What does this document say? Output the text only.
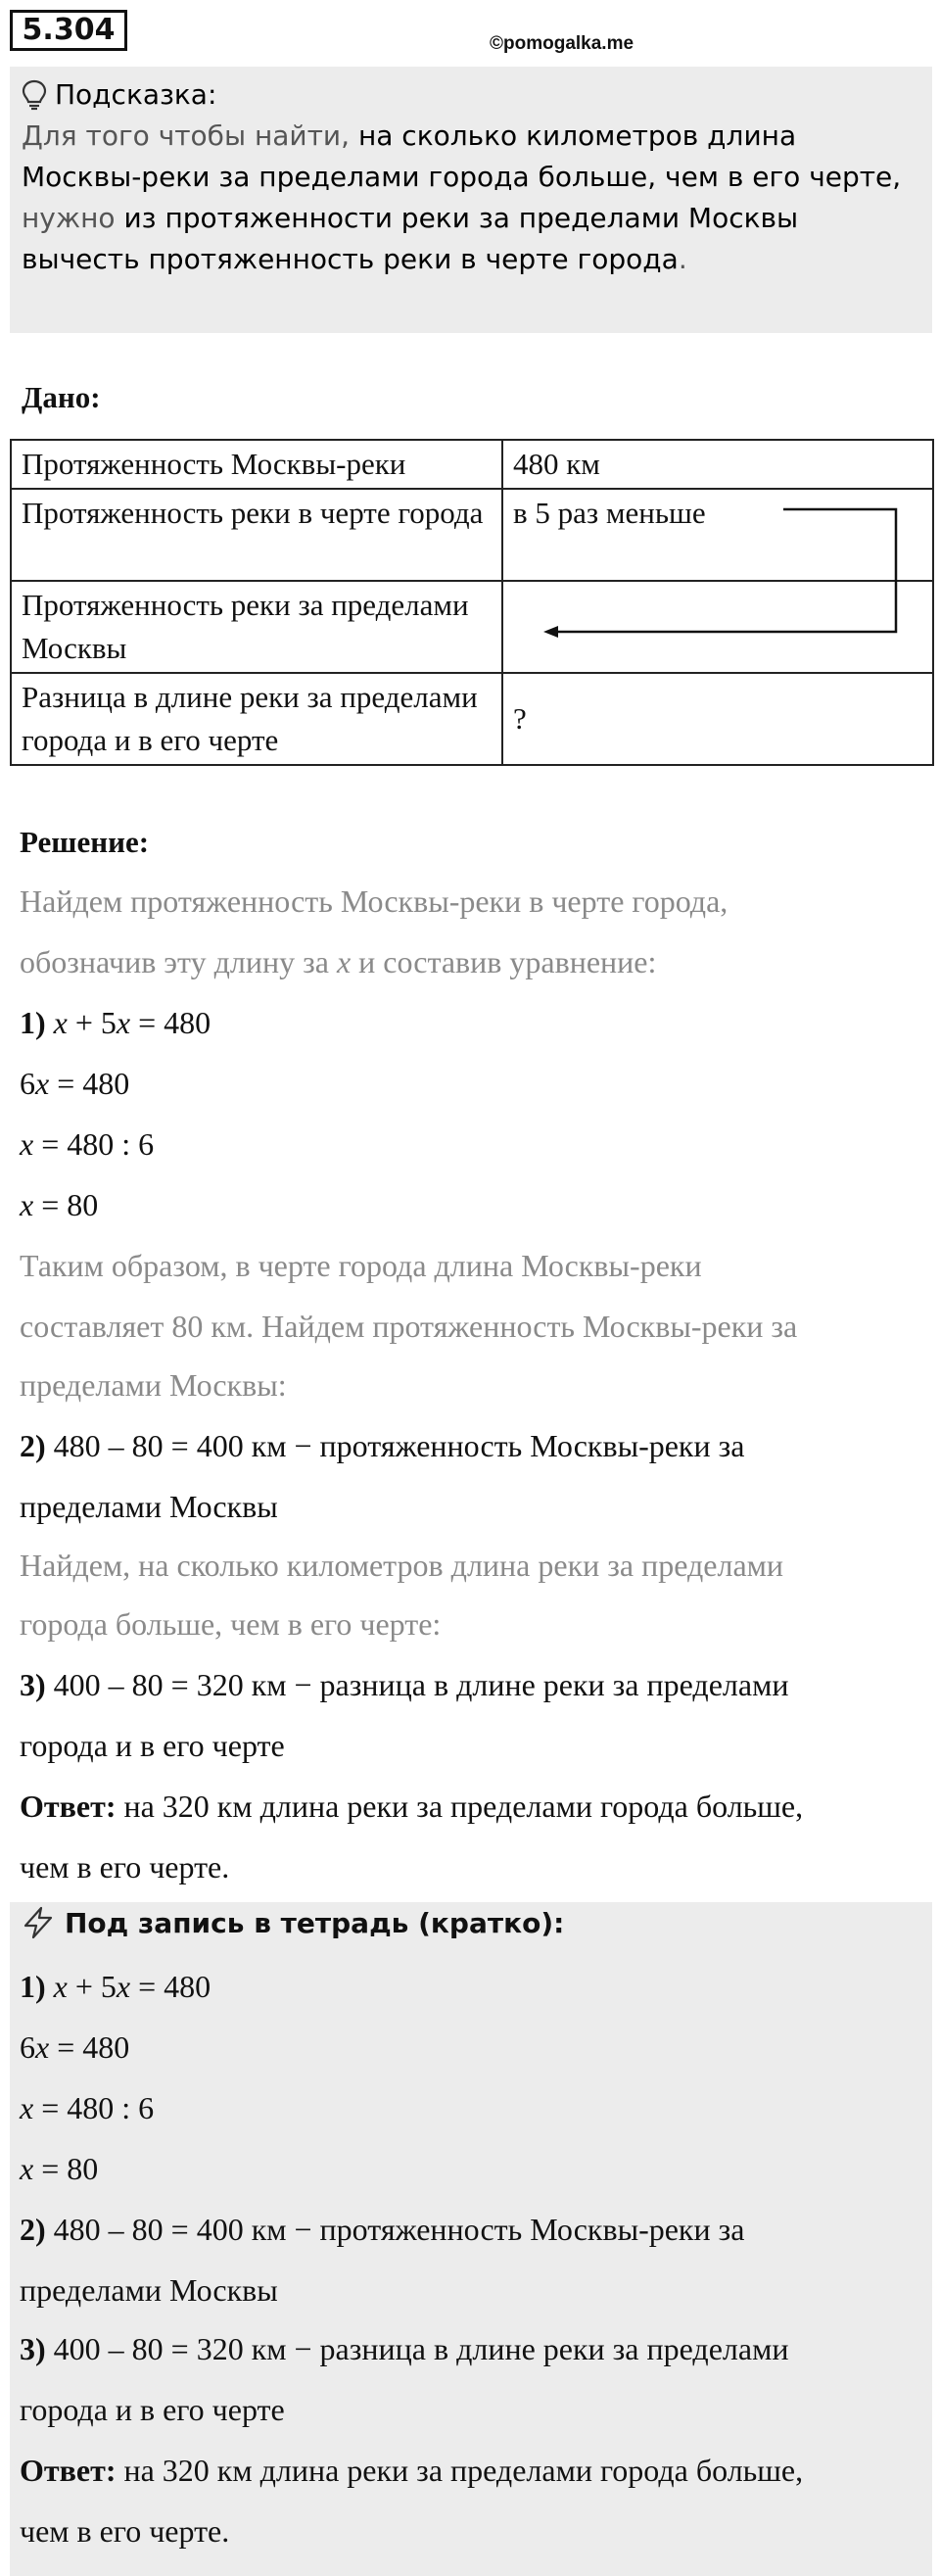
5.304	©pomogalka.me
Подсказка:
Для того чтобы найти, на сколько километров длина
Москвы-реки за пределами города больше, чем в его черте,
нужно из протяженности реки за пределами Москвы
вычесть протяженность реки в черте города.
Дано:
Протяженность Москвы-реки	480 км
Протяженность реки в черте города	в 5 раз меньше
Протяженность реки за пределами Москвы	
Разница в длине реки за пределами города и в его черте	?
Решение:
Найдем протяженность Москвы-реки в черте города,
обозначив эту длину за x и составив уравнение:
1) x + 5x = 480
6x = 480
x = 480 : 6
x = 80
Таким образом, в черте города длина Москвы-реки
составляет 80 км. Найдем протяженность Москвы-реки за
пределами Москвы:
2) 480 – 80 = 400 км − протяженность Москвы-реки за
пределами Москвы
Найдем, на сколько километров длина реки за пределами
города больше, чем в его черте:
3) 400 – 80 = 320 км − разница в длине реки за пределами
города и в его черте
Ответ: на 320 км длина реки за пределами города больше,
чем в его черте.
Под запись в тетрадь (кратко):
1) x + 5x = 480
6x = 480
x = 480 : 6
x = 80
2) 480 – 80 = 400 км − протяженность Москвы-реки за
пределами Москвы
3) 400 – 80 = 320 км − разница в длине реки за пределами
города и в его черте
Ответ: на 320 км длина реки за пределами города больше,
чем в его черте.
